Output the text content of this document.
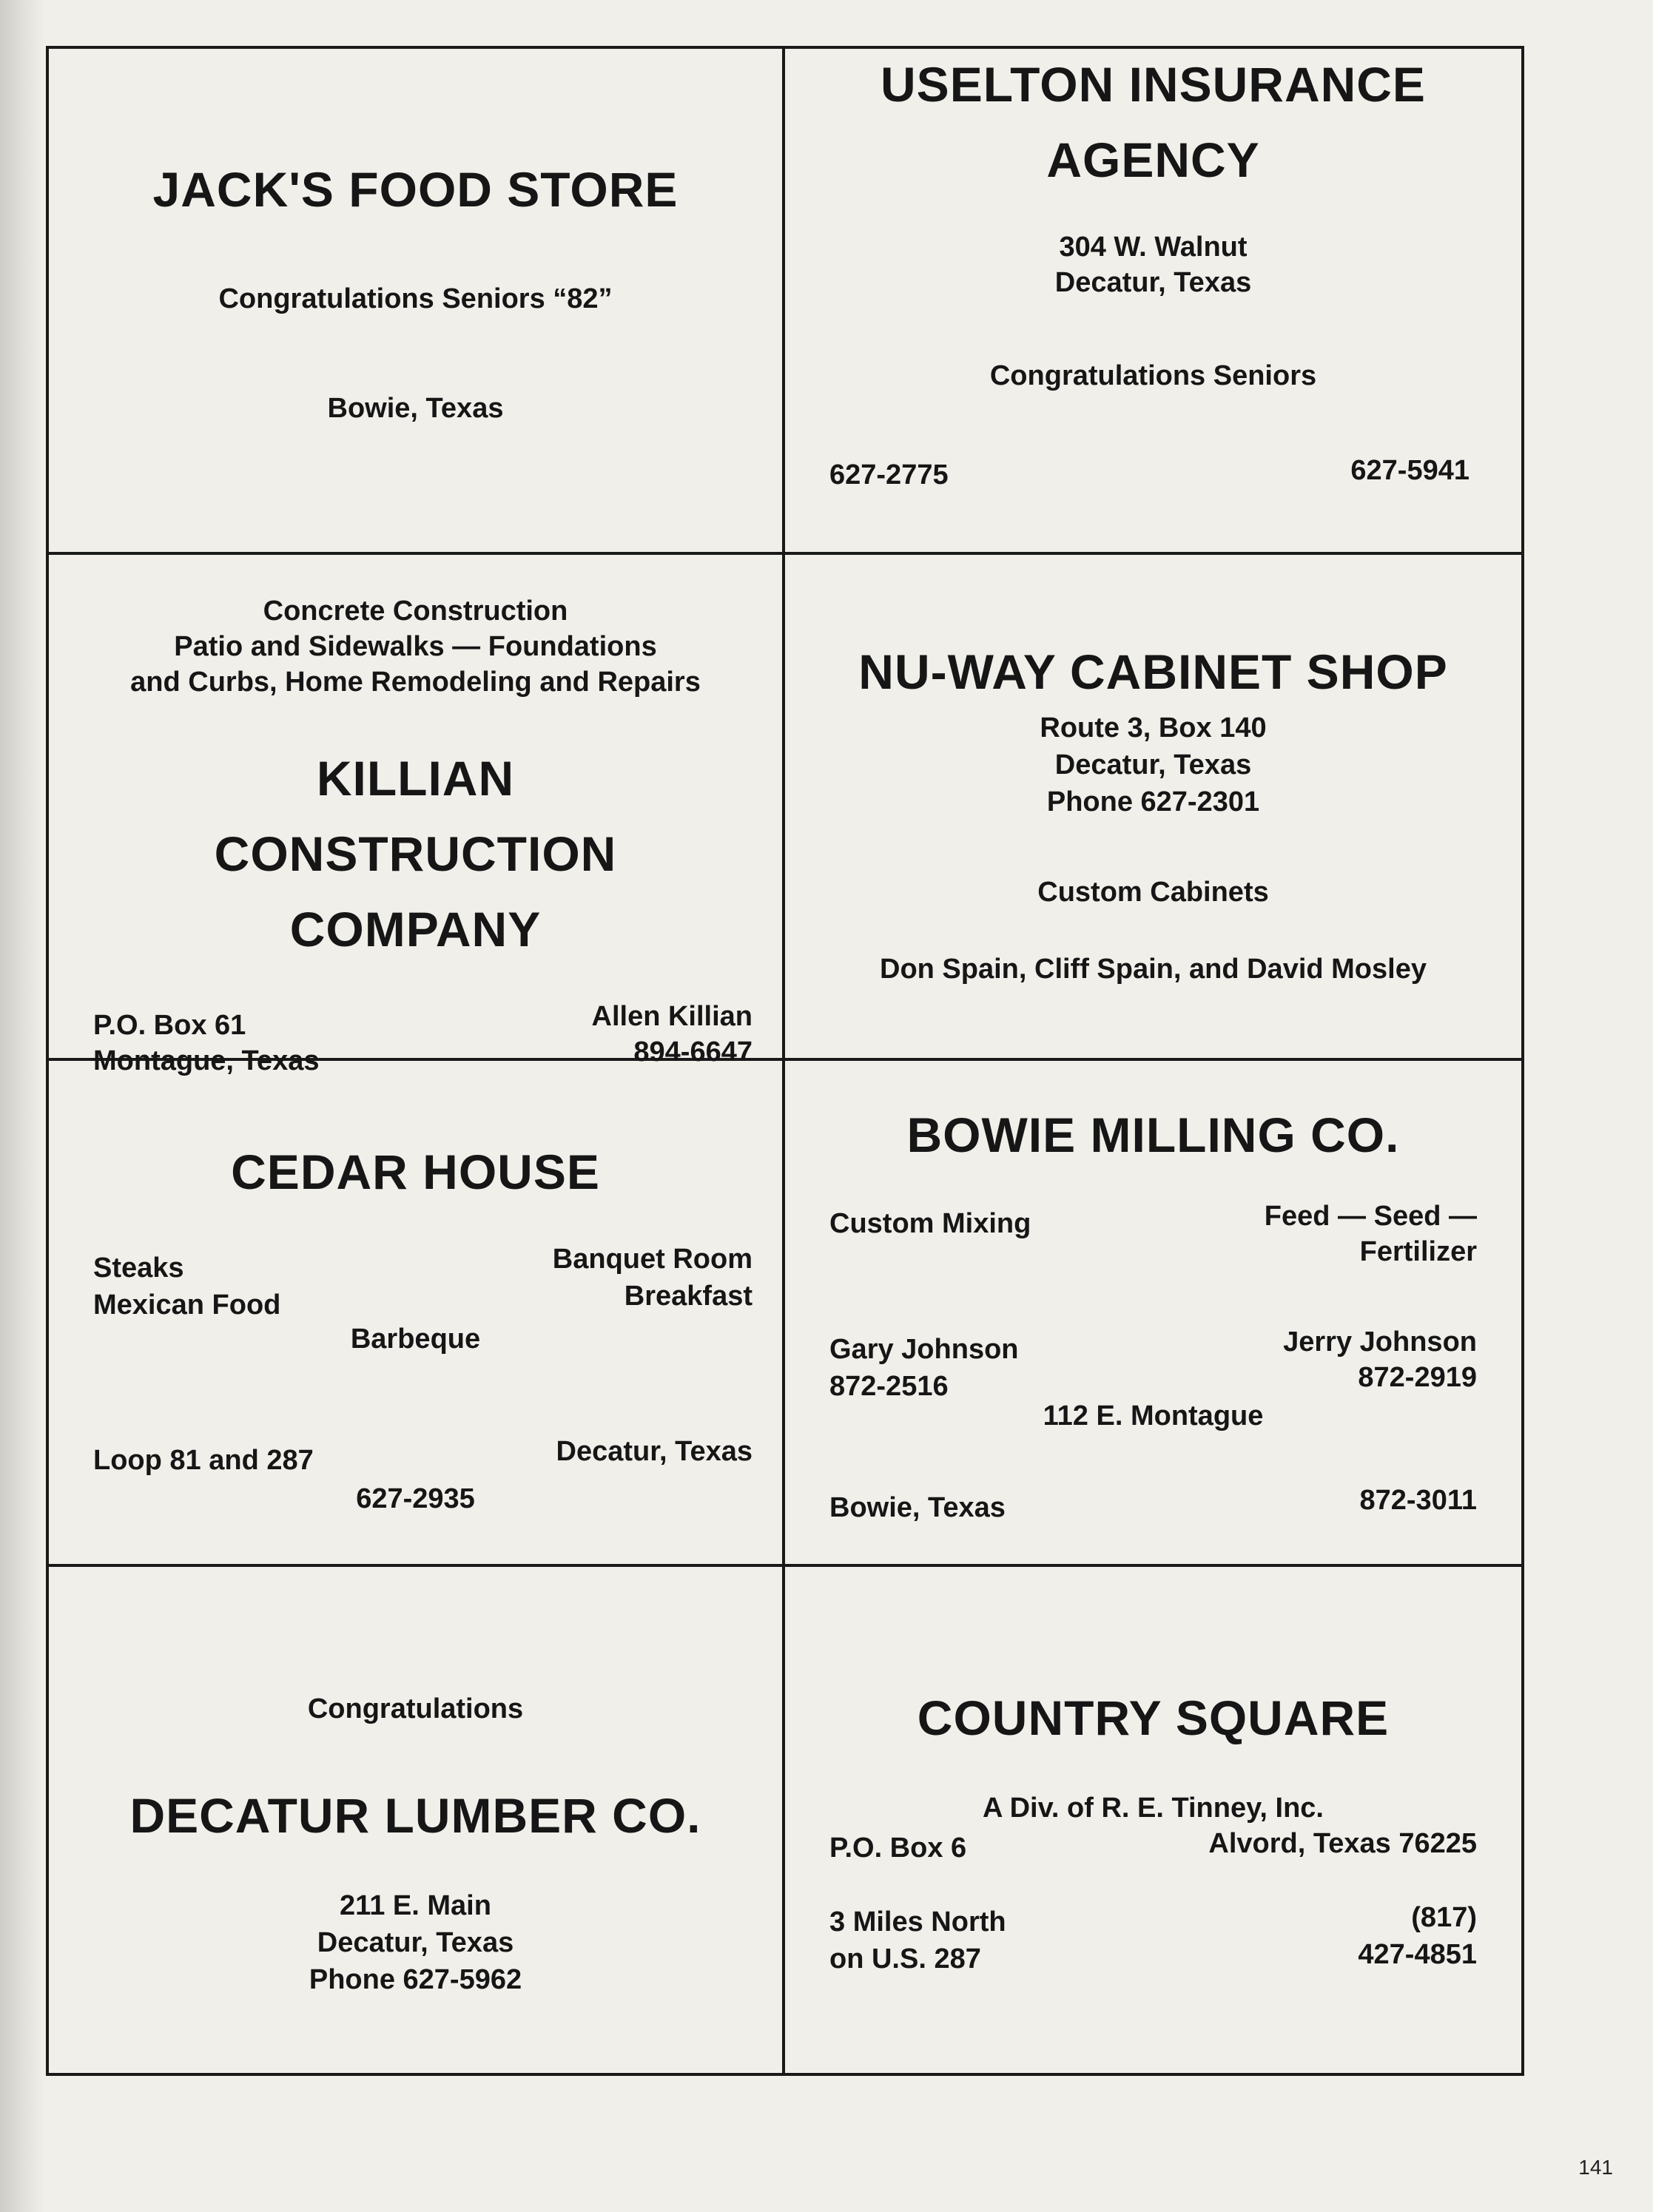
JACK'S FOOD STORE
Congratulations Seniors “82”
Bowie, Texas
USELTON INSURANCE
AGENCY
304 W. Walnut
Decatur, Texas
Congratulations Seniors
627-2775	627-5941
Concrete Construction
Patio and Sidewalks — Foundations
and Curbs, Home Remodeling and Repairs
KILLIAN
CONSTRUCTION
COMPANY
P.O. Box 61
Montague, Texas
Allen Killian
894-6647
NU-WAY CABINET SHOP
Route 3, Box 140
Decatur, Texas
Phone 627-2301
Custom Cabinets
Don Spain, Cliff Spain, and David Mosley
CEDAR HOUSE
Steaks
Mexican Food
Banquet Room
Breakfast
Barbeque
Loop 81 and 287	Decatur, Texas
627-2935
BOWIE MILLING CO.
Custom Mixing	Feed — Seed —
Fertilizer
Gary Johnson
872-2516
Jerry Johnson
872-2919
112 E. Montague
Bowie, Texas	872-3011
Congratulations
DECATUR LUMBER CO.
211 E. Main
Decatur, Texas
Phone 627-5962
COUNTRY SQUARE
A Div. of R. E. Tinney, Inc.
P.O. Box 6	Alvord, Texas 76225
3 Miles North
on U.S. 287
(817)
427-4851
141
